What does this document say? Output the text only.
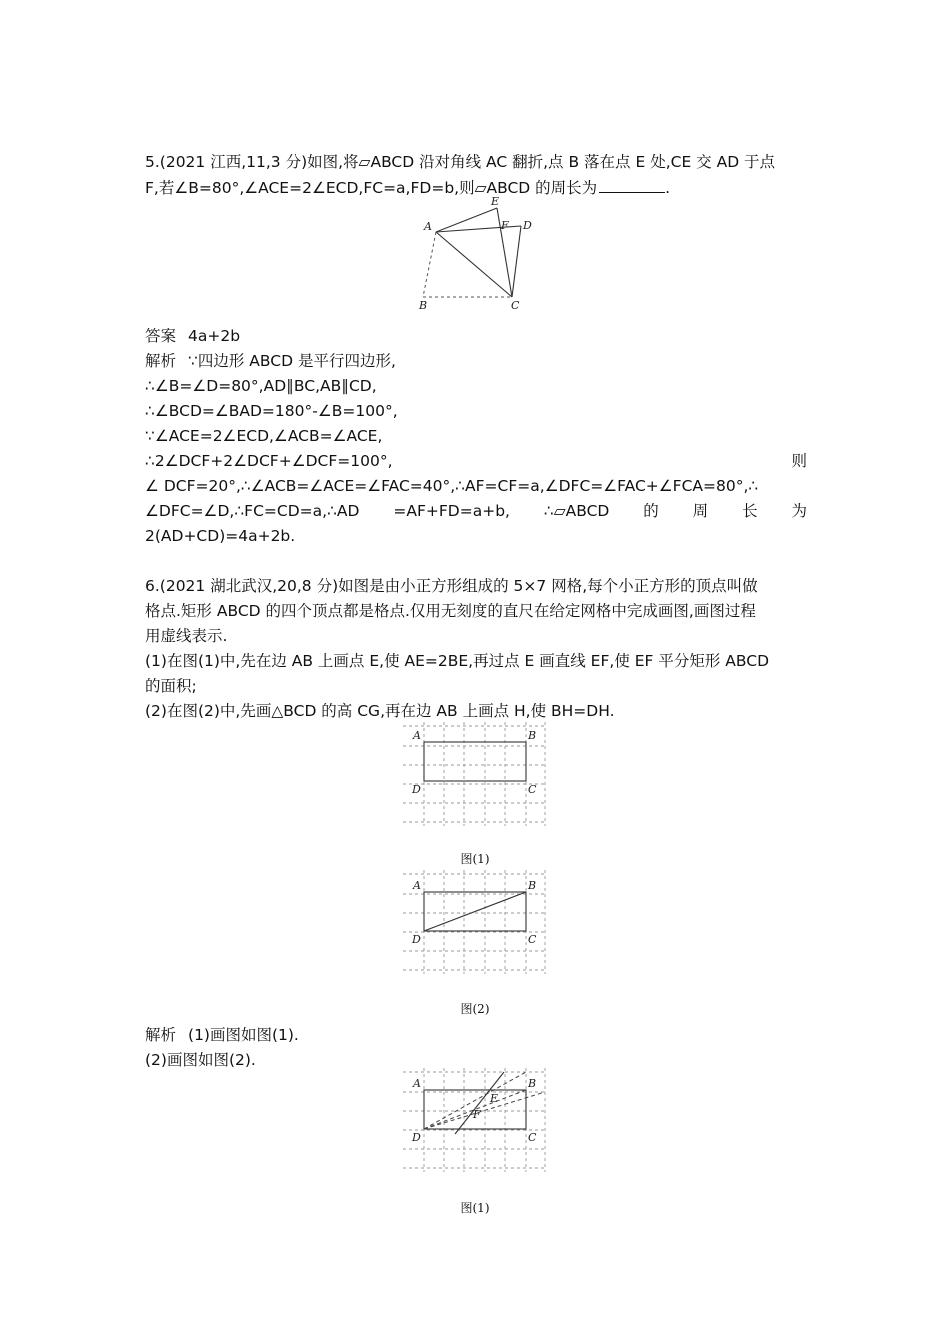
5.(2021 江西,11,3 分)如图,将▱ABCD 沿对角线 AC 翻折,点 B 落在点 E 处,CE 交 AD 于点
F,若∠B=80°,∠ACE=2∠ECD,FC=a,FD=b,则▱ABCD 的周长为	.
A
B	C
D
E
F
答案 4a+2b
解析 ∵四边形 ABCD 是平行四边形,
∴∠B=∠D=80°,AD∥BC,AB∥CD,
∴∠BCD=∠BAD=180°-∠B=100°,
∵∠ACE=2∠ECD,∠ACB=∠ACE,
∴2∠DCF+2∠DCF+∠DCF=100°,	则
∠ DCF=20°,∴∠ACB=∠ACE=∠FAC=40°,∴AF=CF=a,∠DFC=∠FAC+∠FCA=80°,∴
∠DFC=∠D,∴FC=CD=a,∴AD =AF+FD=a+b, ∴▱ABCD 的 周 长 为
2(AD+CD)=4a+2b.
6.(2021 湖北武汉,20,8 分)如图是由小正方形组成的 5×7 网格,每个小正方形的顶点叫做
格点.矩形 ABCD 的四个顶点都是格点.仅用无刻度的直尺在给定网格中完成画图,画图过程
用虚线表示.
(1)在图(1)中,先在边 AB 上画点 E,使 AE=2BE,再过点 E 画直线 EF,使 EF 平分矩形 ABCD
的面积;
(2)在图(2)中,先画△BCD 的高 CG,再在边 AB 上画点 H,使 BH=DH.
A	B
D	C
图(1)
A	B
D	C
图(2)
解析 (1)画图如图(1).
(2)画图如图(2).
A	B
D	C
E
F
图(1)
